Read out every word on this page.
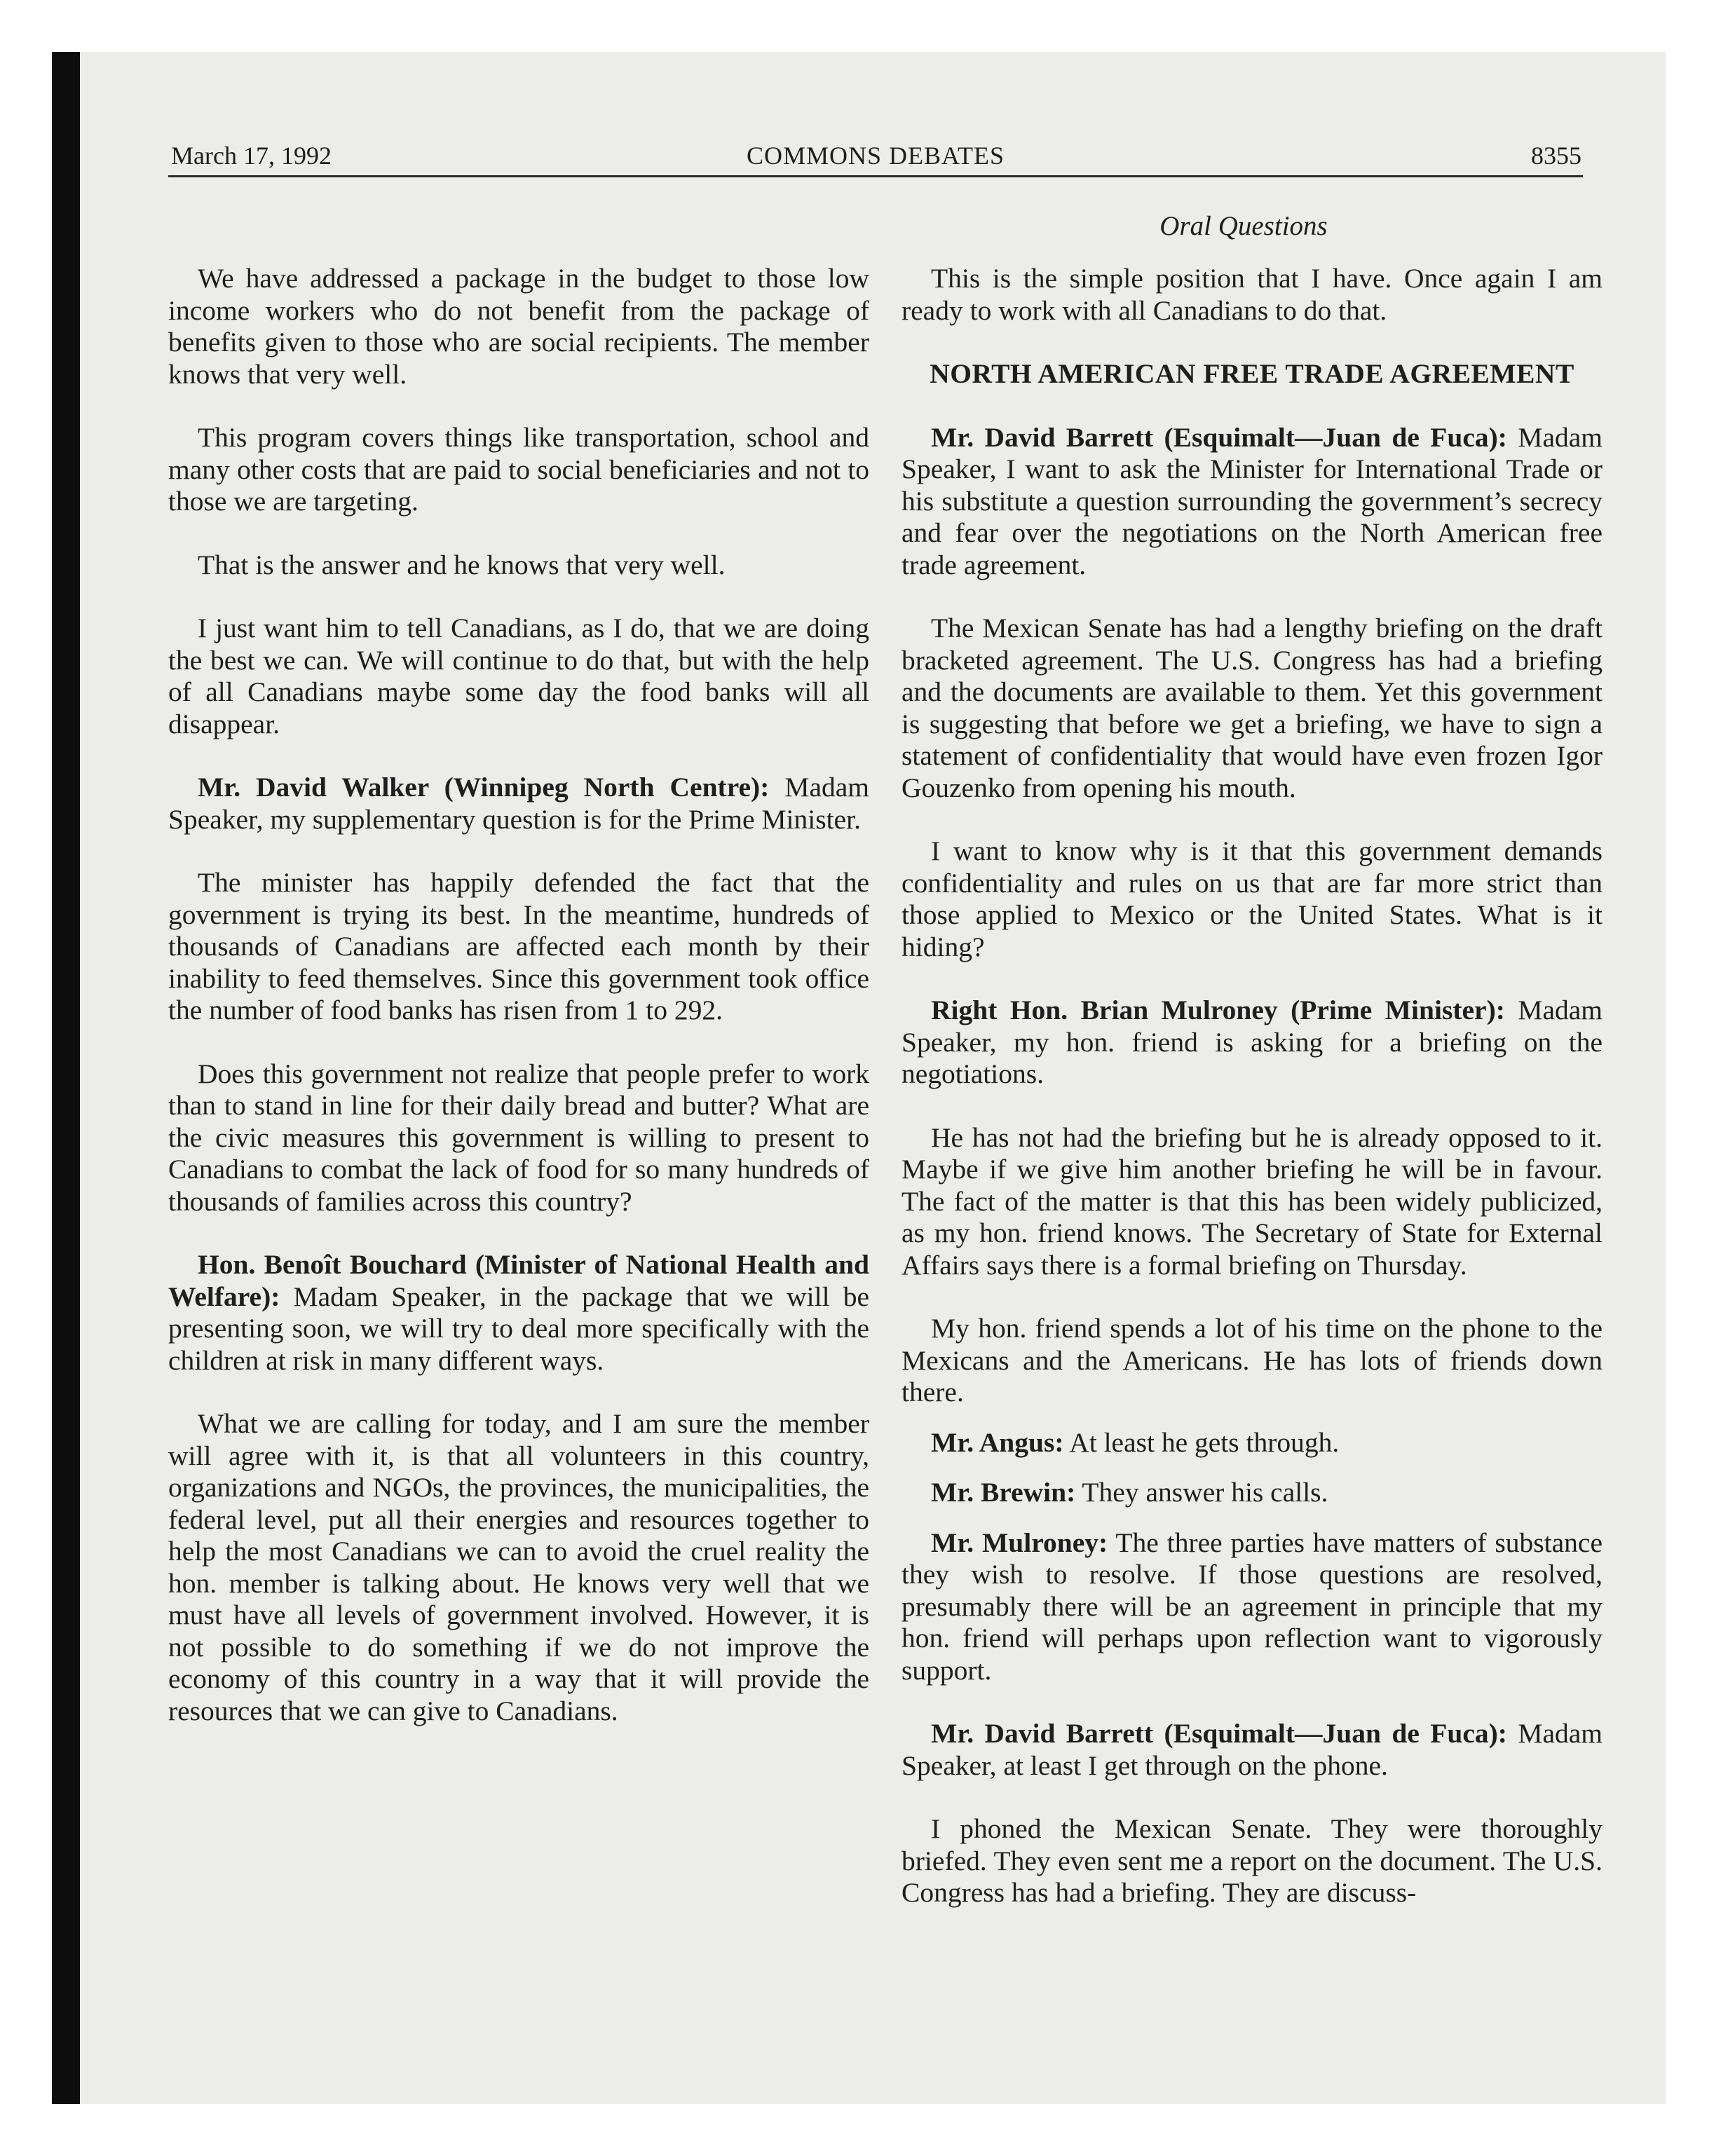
March 17, 1992	COMMONS DEBATES	8355
Oral Questions

We have addressed a package in the budget to those low income workers who do not benefit from the package of benefits given to those who are social recipients. The member knows that very well.

This program covers things like transportation, school and many other costs that are paid to social beneficiaries and not to those we are targeting.

That is the answer and he knows that very well.

I just want him to tell Canadians, as I do, that we are doing the best we can. We will continue to do that, but with the help of all Canadians maybe some day the food banks will all disappear.

Mr. David Walker (Winnipeg North Centre): Madam Speaker, my supplementary question is for the Prime Minister.

The minister has happily defended the fact that the government is trying its best. In the meantime, hundreds of thousands of Canadians are affected each month by their inability to feed themselves. Since this government took office the number of food banks has risen from 1 to 292.

Does this government not realize that people prefer to work than to stand in line for their daily bread and butter? What are the civic measures this government is willing to present to Canadians to combat the lack of food for so many hundreds of thousands of families across this country?

Hon. Benoît Bouchard (Minister of National Health and Welfare): Madam Speaker, in the package that we will be presenting soon, we will try to deal more specifically with the children at risk in many different ways.

What we are calling for today, and I am sure the member will agree with it, is that all volunteers in this country, organizations and NGOs, the provinces, the municipalities, the federal level, put all their energies and resources together to help the most Canadians we can to avoid the cruel reality the hon. member is talking about. He knows very well that we must have all levels of government involved. However, it is not possible to do something if we do not improve the economy of this country in a way that it will provide the resources that we can give to Canadians.

This is the simple position that I have. Once again I am ready to work with all Canadians to do that.

NORTH AMERICAN FREE TRADE AGREEMENT

Mr. David Barrett (Esquimalt—Juan de Fuca): Madam Speaker, I want to ask the Minister for International Trade or his substitute a question surrounding the government’s secrecy and fear over the negotiations on the North American free trade agreement.

The Mexican Senate has had a lengthy briefing on the draft bracketed agreement. The U.S. Congress has had a briefing and the documents are available to them. Yet this government is suggesting that before we get a briefing, we have to sign a statement of confidentiality that would have even frozen Igor Gouzenko from opening his mouth.

I want to know why is it that this government demands confidentiality and rules on us that are far more strict than those applied to Mexico or the United States. What is it hiding?

Right Hon. Brian Mulroney (Prime Minister): Madam Speaker, my hon. friend is asking for a briefing on the negotiations.

He has not had the briefing but he is already opposed to it. Maybe if we give him another briefing he will be in favour. The fact of the matter is that this has been widely publicized, as my hon. friend knows. The Secretary of State for External Affairs says there is a formal briefing on Thursday.

My hon. friend spends a lot of his time on the phone to the Mexicans and the Americans. He has lots of friends down there.

Mr. Angus: At least he gets through.

Mr. Brewin: They answer his calls.

Mr. Mulroney: The three parties have matters of substance they wish to resolve. If those questions are resolved, presumably there will be an agreement in principle that my hon. friend will perhaps upon reflection want to vigorously support.

Mr. David Barrett (Esquimalt—Juan de Fuca): Madam Speaker, at least I get through on the phone.

I phoned the Mexican Senate. They were thoroughly briefed. They even sent me a report on the document. The U.S. Congress has had a briefing. They are discuss-
